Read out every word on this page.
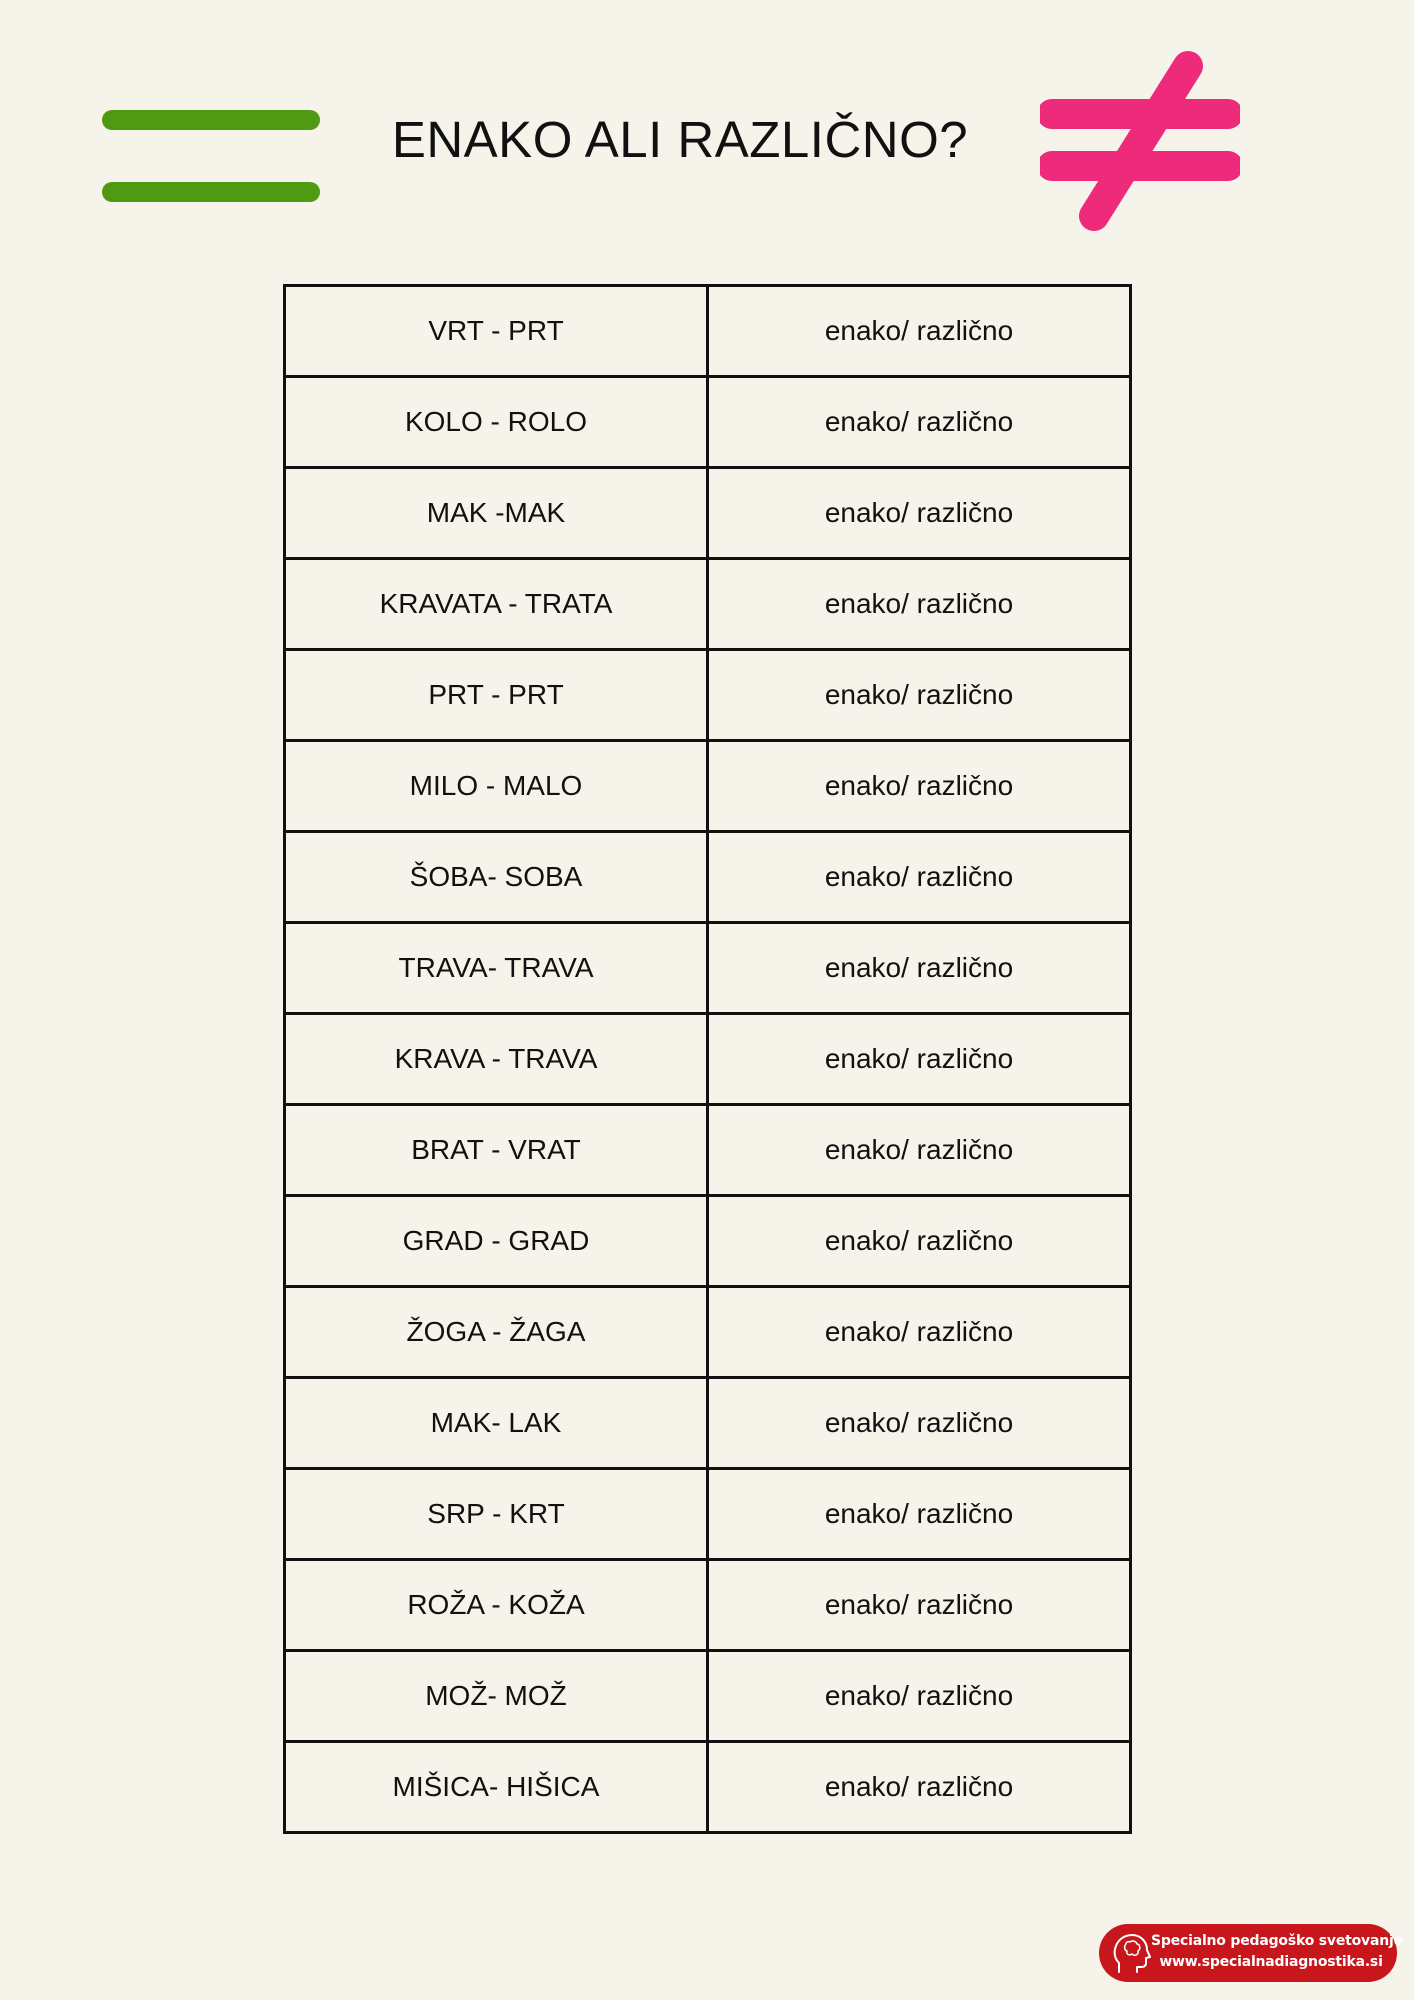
ENAKO ALI RAZLIČNO?
VRT - PRT	enako/ različno
KOLO - ROLO	enako/ različno
MAK -MAK	enako/ različno
KRAVATA - TRATA	enako/ različno
PRT - PRT	enako/ različno
MILO - MALO	enako/ različno
ŠOBA- SOBA	enako/ različno
TRAVA- TRAVA	enako/ različno
KRAVA - TRAVA	enako/ različno
BRAT - VRAT	enako/ različno
GRAD - GRAD	enako/ različno
ŽOGA - ŽAGA	enako/ različno
MAK- LAK	enako/ različno
SRP - KRT	enako/ različno
ROŽA - KOŽA	enako/ različno
MOŽ- MOŽ	enako/ različno
MIŠICA- HIŠICA	enako/ različno
Specialno pedagoško svetovanje
www.specialnadiagnostika.si
